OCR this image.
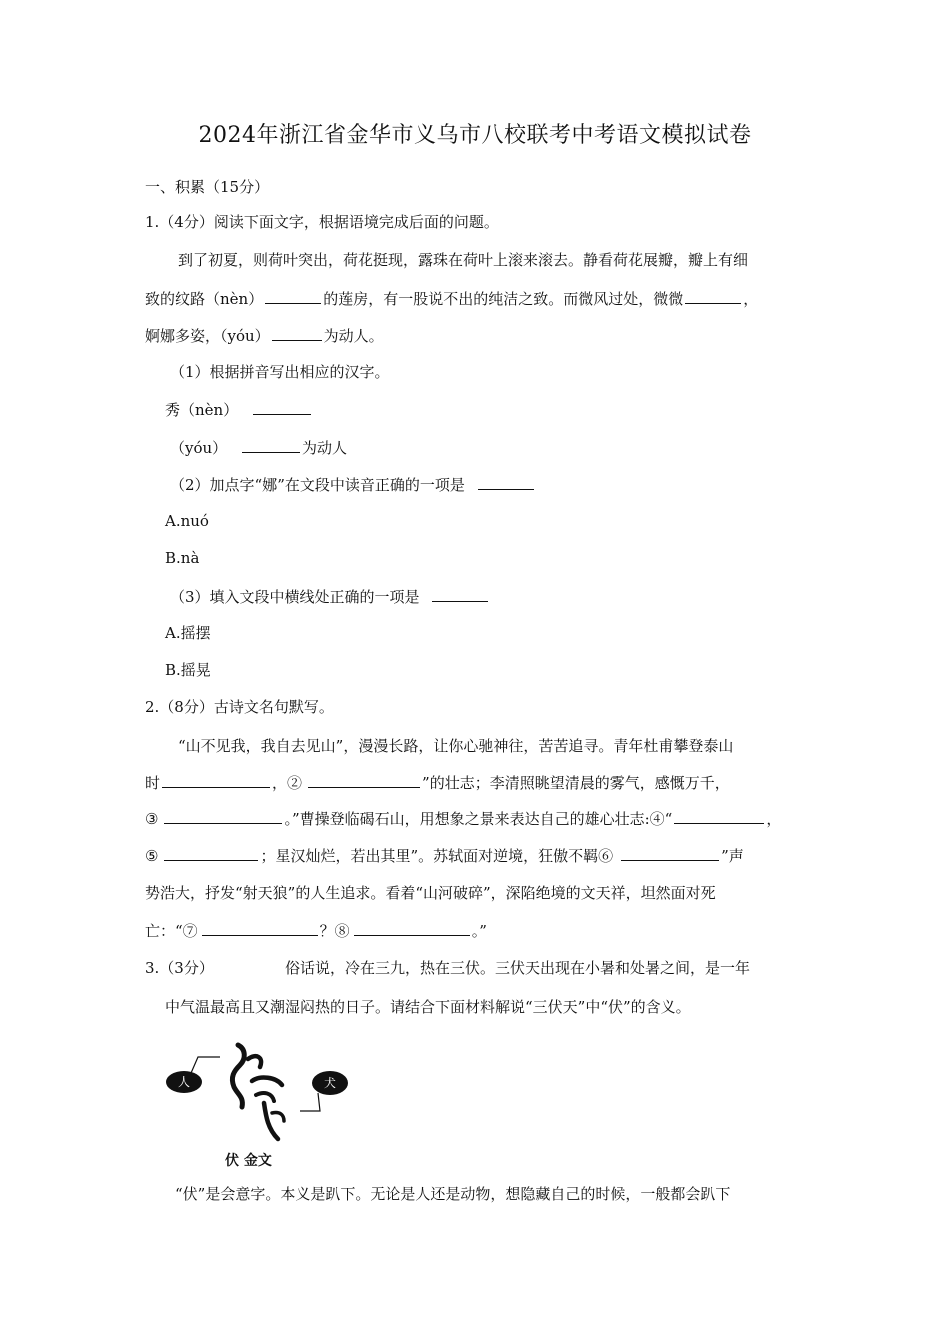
2024年浙江省金华市义乌市八校联考中考语文模拟试卷
一、积累（15分）
1.（4分）阅读下面文字，根据语境完成后面的问题。
到了初夏，则荷叶突出，荷花挺现，露珠在荷叶上滚来滚去。静看荷花展瓣，瓣上有细
致的纹路（nèn）	的莲房，有一股说不出的纯洁之致。而微风过处，微微	，
婀娜多姿，（yóu）	为动人。
（1）根据拼音写出相应的汉字。
秀（nèn）
（yóu）	为动人
（2）加点字“娜”在文段中读音正确的一项是
A.nuó
B.nà
（3）填入文段中横线处正确的一项是
A.摇摆
B.摇晃
2.（8分）古诗文名句默写。
“山不见我，我自去见山”，漫漫长路，让你心驰神往，苦苦追寻。青年杜甫攀登泰山
时	，②	”的壮志；李清照眺望清晨的雾气，感慨万千，
③	。”曹操登临碣石山，用想象之景来表达自己的雄心壮志:④“	，
⑤	；星汉灿烂，若出其里”。苏轼面对逆境，狂傲不羁⑥	”声
势浩大，抒发“射天狼”的人生追求。看着“山河破碎”，深陷绝境的文天祥，坦然面对死
亡：“⑦	？⑧	。”
3.（3分）	俗话说，冷在三九，热在三伏。三伏天出现在小暑和处暑之间，是一年
中气温最高且又潮湿闷热的日子。请结合下面材料解说“三伏天”中“伏”的含义。
人	犬
伏 金文
“伏”是会意字。本义是趴下。无论是人还是动物，想隐藏自己的时候，一般都会趴下
